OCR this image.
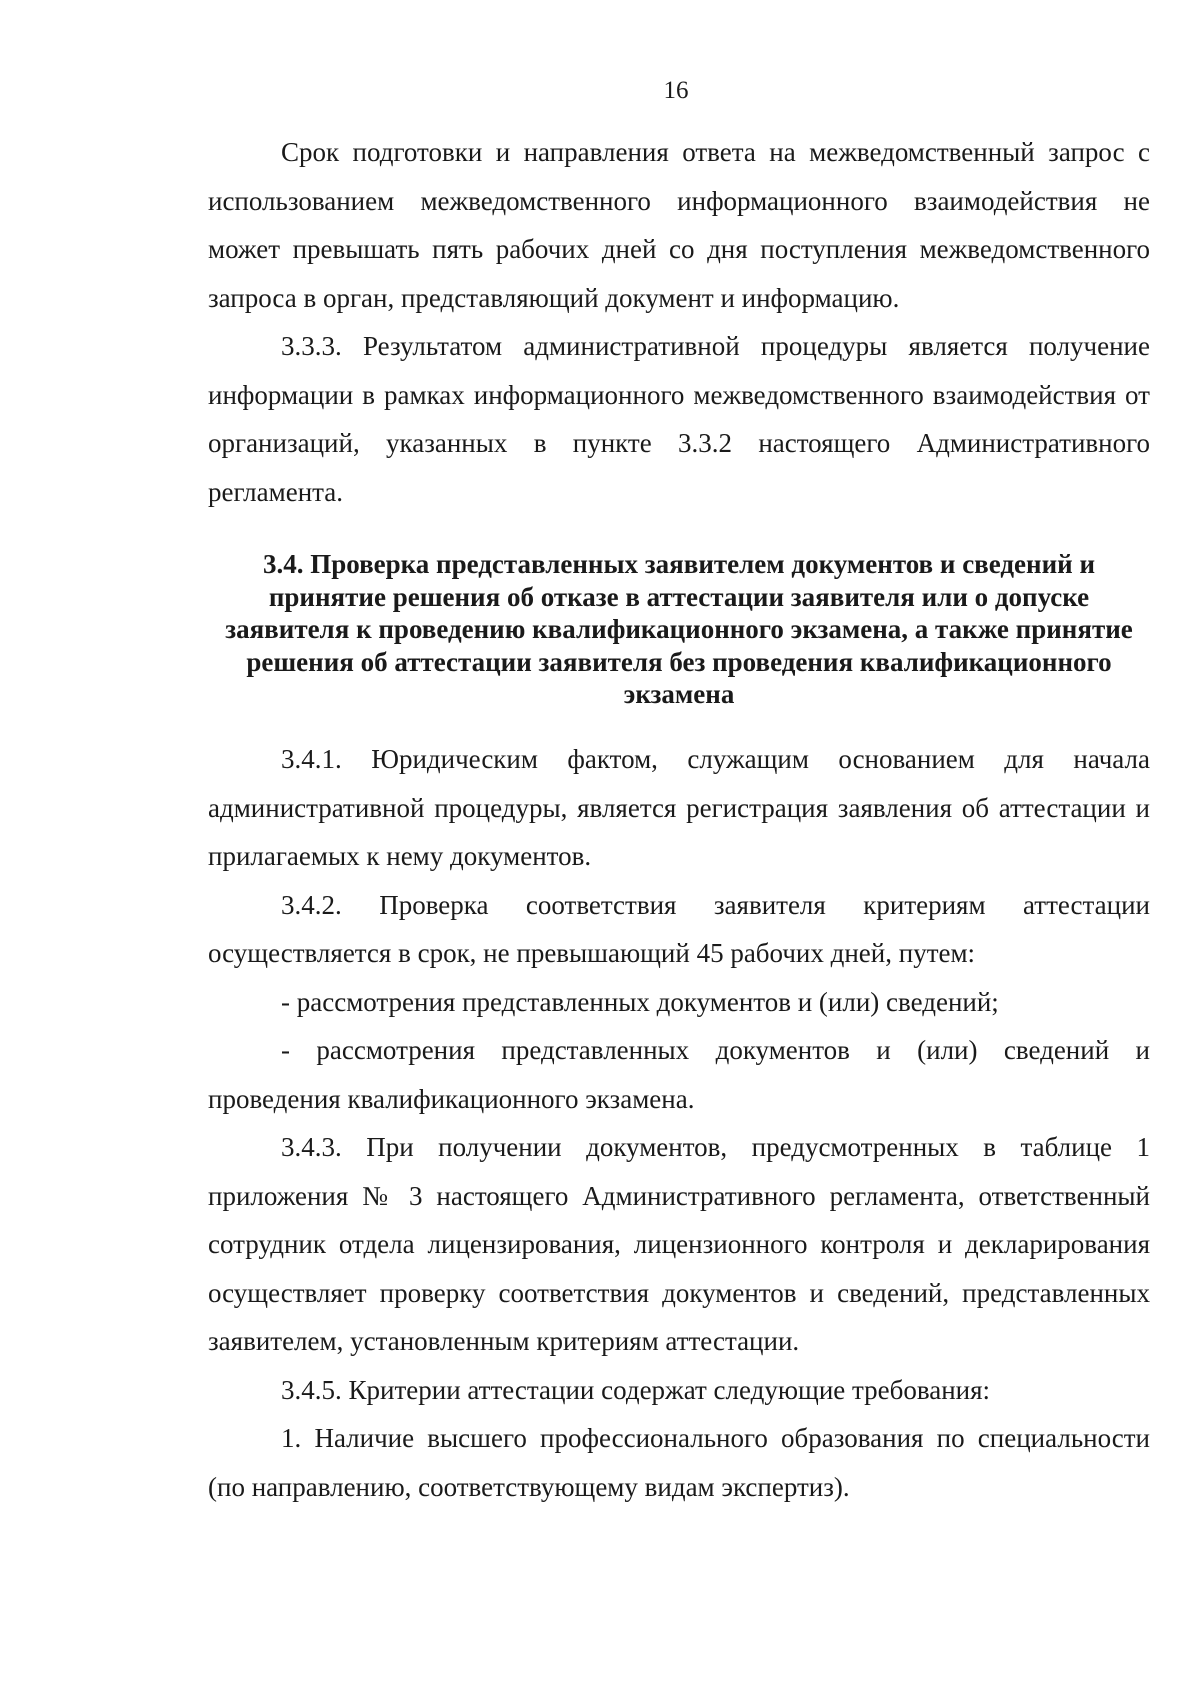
16

Срок подготовки и направления ответа на межведомственный запрос с использованием межведомственного информационного взаимодействия не может превышать пять рабочих дней со дня поступления межведомственного запроса в орган, представляющий документ и информацию.

3.3.3. Результатом административной процедуры является получение информации в рамках информационного межведомственного взаимодействия от организаций, указанных в пункте 3.3.2 настоящего Административного регламента.

3.4. Проверка представленных заявителем документов и сведений и принятие решения об отказе в аттестации заявителя или о допуске заявителя к проведению квалификационного экзамена, а также принятие решения об аттестации заявителя без проведения квалификационного экзамена

3.4.1. Юридическим фактом, служащим основанием для начала административной процедуры, является регистрация заявления об аттестации и прилагаемых к нему документов.

3.4.2. Проверка соответствия заявителя критериям аттестации осуществляется в срок, не превышающий 45 рабочих дней, путем:

- рассмотрения представленных документов и (или) сведений;

- рассмотрения представленных документов и (или) сведений и проведения квалификационного экзамена.

3.4.3. При получении документов, предусмотренных в таблице 1 приложения № 3 настоящего Административного регламента, ответственный сотрудник отдела лицензирования, лицензионного контроля и декларирования осуществляет проверку соответствия документов и сведений, представленных заявителем, установленным критериям аттестации.

3.4.5. Критерии аттестации содержат следующие требования:

1. Наличие высшего профессионального образования по специальности (по направлению, соответствующему видам экспертиз).
